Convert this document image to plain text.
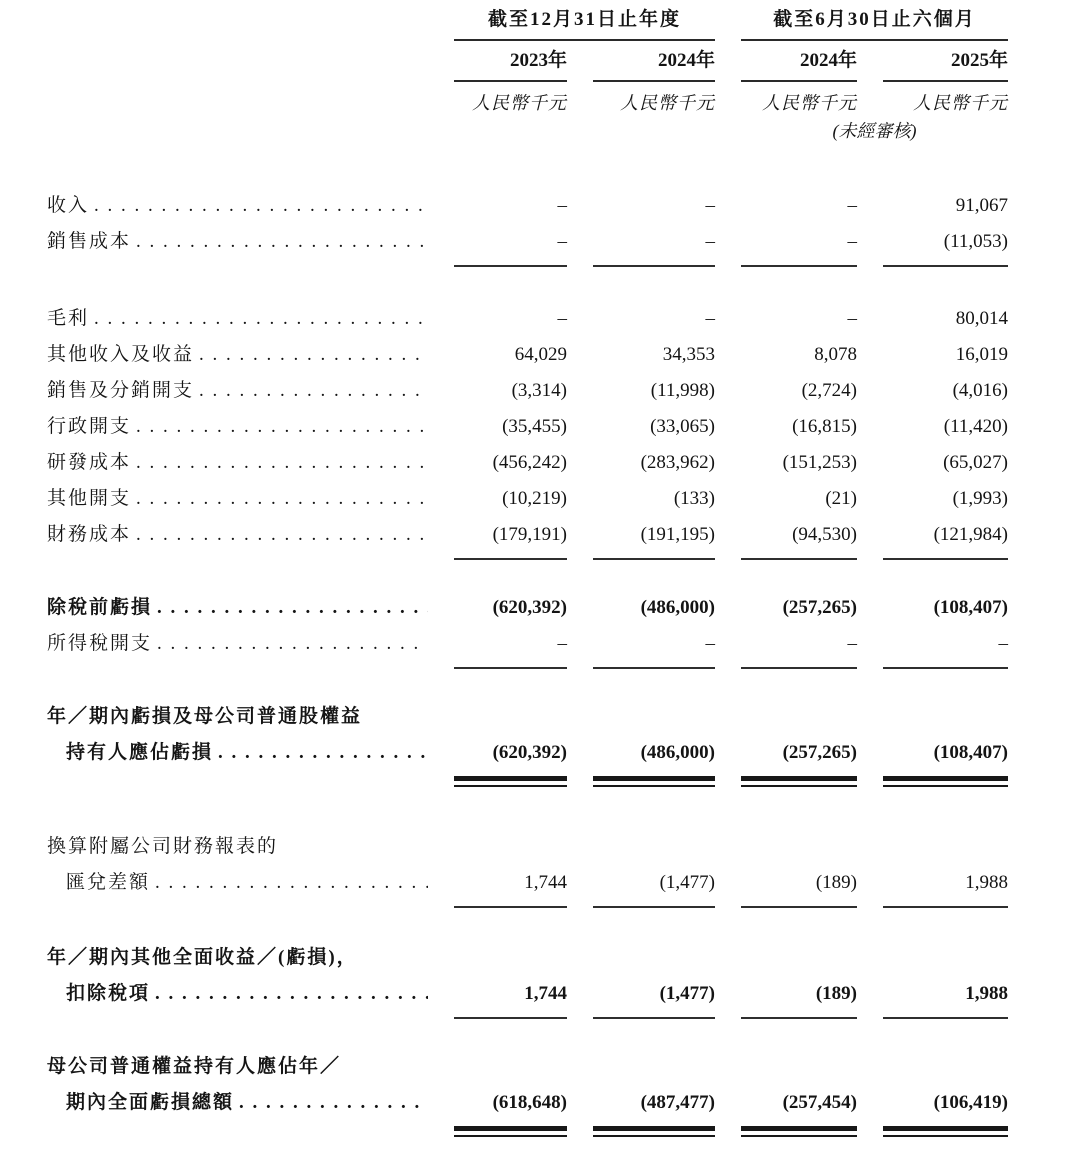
截至12月31日止年度	截至6月30日止六個月
2023年	2024年	2024年	2025年
人民幣千元	人民幣千元	人民幣千元	人民幣千元
(未經審核)
收入 . . .	–	–	–	91,067
銷售成本 . . .	–	–	–	(11,053)
毛利 . . .	–	–	–	80,014
其他收入及收益 . . .	64,029	34,353	8,078	16,019
銷售及分銷開支 . . .	(3,314)	(11,998)	(2,724)	(4,016)
行政開支 . . .	(35,455)	(33,065)	(16,815)	(11,420)
研發成本 . . .	(456,242)	(283,962)	(151,253)	(65,027)
其他開支 . . .	(10,219)	(133)	(21)	(1,993)
財務成本 . . .	(179,191)	(191,195)	(94,530)	(121,984)
除稅前虧損 . . .	(620,392)	(486,000)	(257,265)	(108,407)
所得稅開支 . . .	–	–	–	–
年／期內虧損及母公司普通股權益
持有人應佔虧損 . . .	(620,392)	(486,000)	(257,265)	(108,407)
換算附屬公司財務報表的
匯兌差額 . . .	1,744	(1,477)	(189)	1,988
年／期內其他全面收益／(虧損)，
扣除稅項 . . .	1,744	(1,477)	(189)	1,988
母公司普通權益持有人應佔年／
期內全面虧損總額 . . .	(618,648)	(487,477)	(257,454)	(106,419)
